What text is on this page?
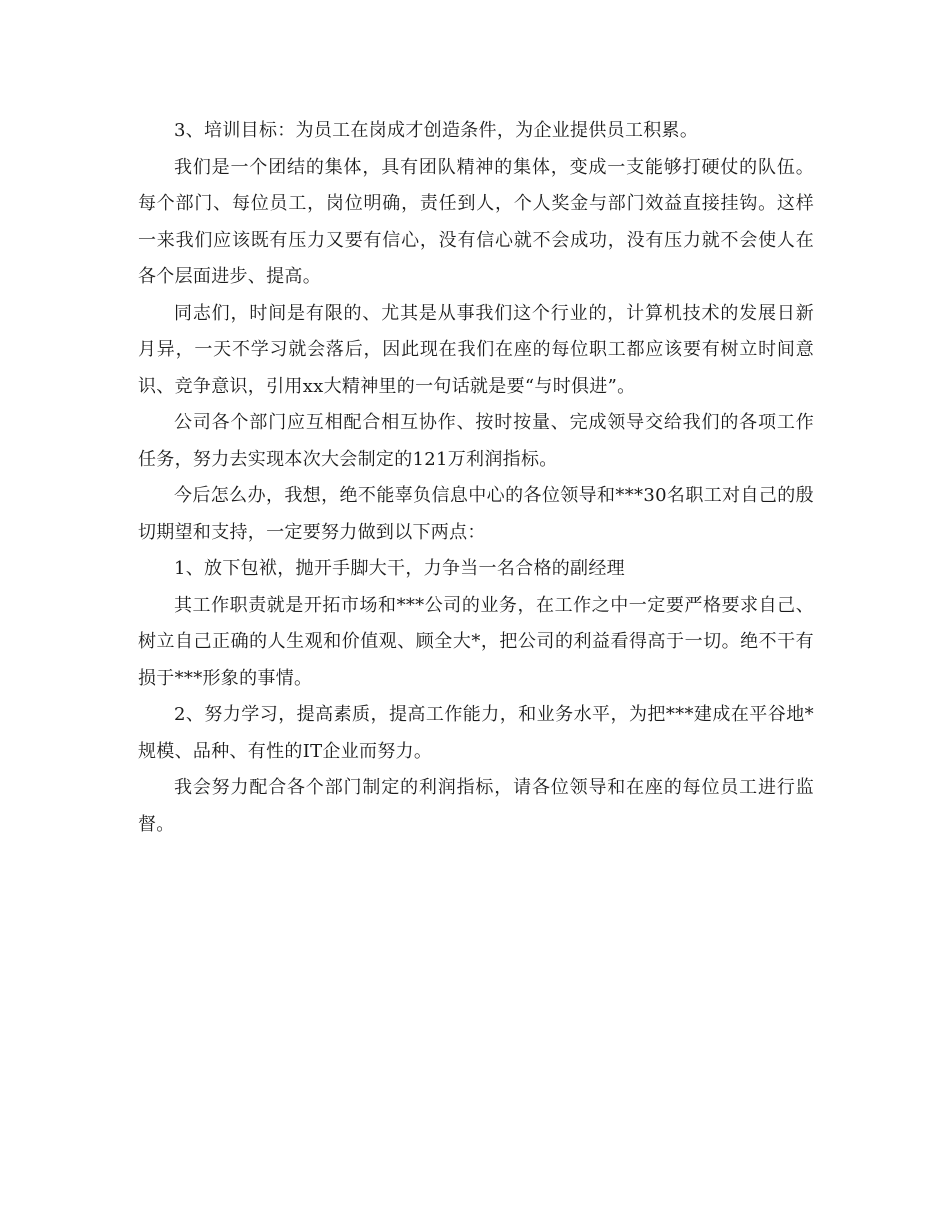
3、培训目标：为员工在岗成才创造条件，为企业提供员工积累。

我们是一个团结的集体，具有团队精神的集体，变成一支能够打硬仗的队伍。每个部门、每位员工，岗位明确，责任到人，个人奖金与部门效益直接挂钩。这样一来我们应该既有压力又要有信心，没有信心就不会成功，没有压力就不会使人在各个层面进步、提高。

同志们，时间是有限的、尤其是从事我们这个行业的，计算机技术的发展日新月异，一天不学习就会落后，因此现在我们在座的每位职工都应该要有树立时间意识、竞争意识，引用xx大精神里的一句话就是要“与时俱进”。

公司各个部门应互相配合相互协作、按时按量、完成领导交给我们的各项工作任务，努力去实现本次大会制定的121万利润指标。

今后怎么办，我想，绝不能辜负信息中心的各位领导和***30名职工对自己的殷切期望和支持，一定要努力做到以下两点：

1、放下包袱，抛开手脚大干，力争当一名合格的副经理

其工作职责就是开拓市场和***公司的业务，在工作之中一定要严格要求自己、树立自己正确的人生观和价值观、顾全大*，把公司的利益看得高于一切。绝不干有损于***形象的事情。

2、努力学习，提高素质，提高工作能力，和业务水平，为把***建成在平谷地*规模、品种、有性的IT企业而努力。

我会努力配合各个部门制定的利润指标，请各位领导和在座的每位员工进行监督。
